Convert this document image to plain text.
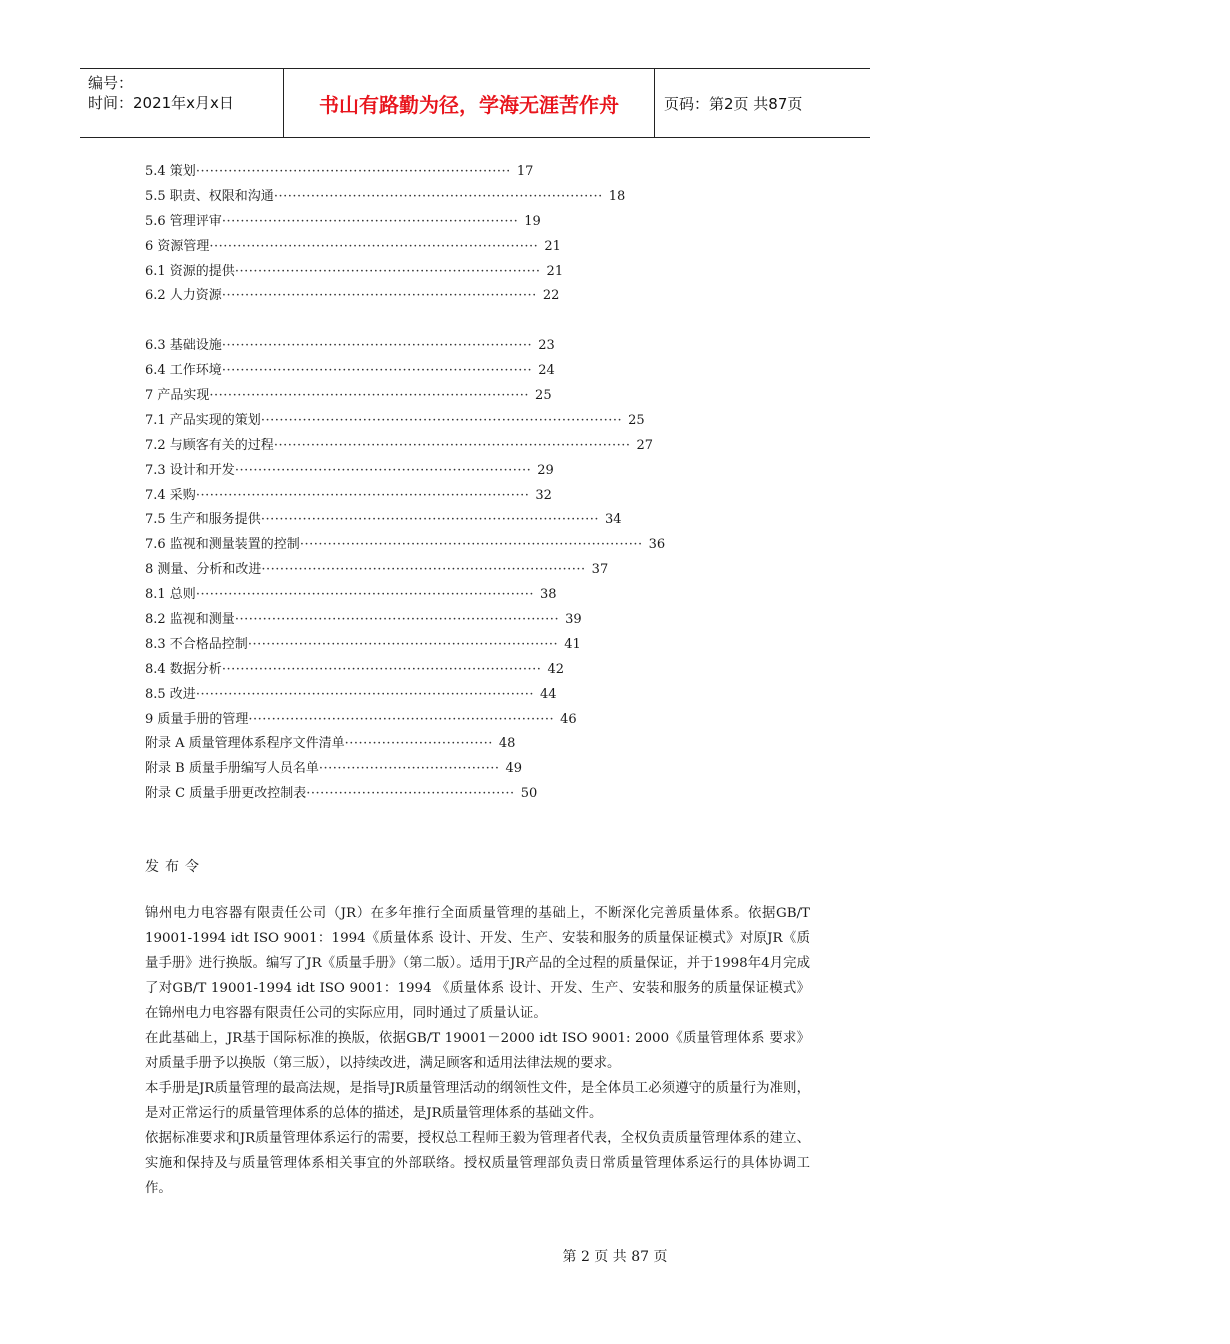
编号：
时间：2021年x月x日	书山有路勤为径，学海无涯苦作舟	页码：第2页 共87页
5.4 策划 ···································································· 17
5.5 职责、权限和沟通 ······································································· 18
5.6 管理评审 ································································ 19
6 资源管理 ······································································· 21
6.1 资源的提供 ·································································· 21
6.2 人力资源 ···································································· 22
6.3 基础设施 ··································································· 23
6.4 工作环境 ··································································· 24
7 产品实现 ····································································· 25
7.1 产品实现的策划 ·············································································· 25
7.2 与顾客有关的过程 ············································································· 27
7.3 设计和开发 ································································ 29
7.4 采购 ········································································ 32
7.5 生产和服务提供 ········································································· 34
7.6 监视和测量装置的控制 ·········································································· 36
8 测量、分析和改进 ······································································ 37
8.1 总则 ········································································· 38
8.2 监视和测量 ······································································ 39
8.3 不合格品控制 ··································································· 41
8.4 数据分析 ····································································· 42
8.5 改进 ········································································· 44
9 质量手册的管理 ·································································· 46
附录 A 质量管理体系程序文件清单 ································ 48
附录 B 质量手册编写人员名单 ······································· 49
附录 C 质量手册更改控制表 ············································· 50
发布令

锦州电力电容器有限责任公司（JR）在多年推行全面质量管理的基础上，不断深化完善质量体系。依据GB/T 19001-1994 idt ISO 9001：1994《质量体系 设计、开发、生产、安装和服务的质量保证模式》对原JR《质量手册》进行换版。编写了JR《质量手册》（第二版）。适用于JR产品的全过程的质量保证，并于1998年4月完成了对GB/T 19001-1994 idt ISO 9001：1994 《质量体系 设计、开发、生产、安装和服务的质量保证模式》在锦州电力电容器有限责任公司的实际应用，同时通过了质量认证。

在此基础上，JR基于国际标准的换版，依据GB/T 19001－2000 idt ISO 9001: 2000《质量管理体系 要求》对质量手册予以换版（第三版），以持续改进，满足顾客和适用法律法规的要求。

本手册是JR质量管理的最高法规，是指导JR质量管理活动的纲领性文件，是全体员工必须遵守的质量行为准则，是对正常运行的质量管理体系的总体的描述，是JR质量管理体系的基础文件。

依据标准要求和JR质量管理体系运行的需要，授权总工程师王毅为管理者代表，全权负责质量管理体系的建立、实施和保持及与质量管理体系相关事宜的外部联络。授权质量管理部负责日常质量管理体系运行的具体协调工作。

第 2 页 共 87 页
